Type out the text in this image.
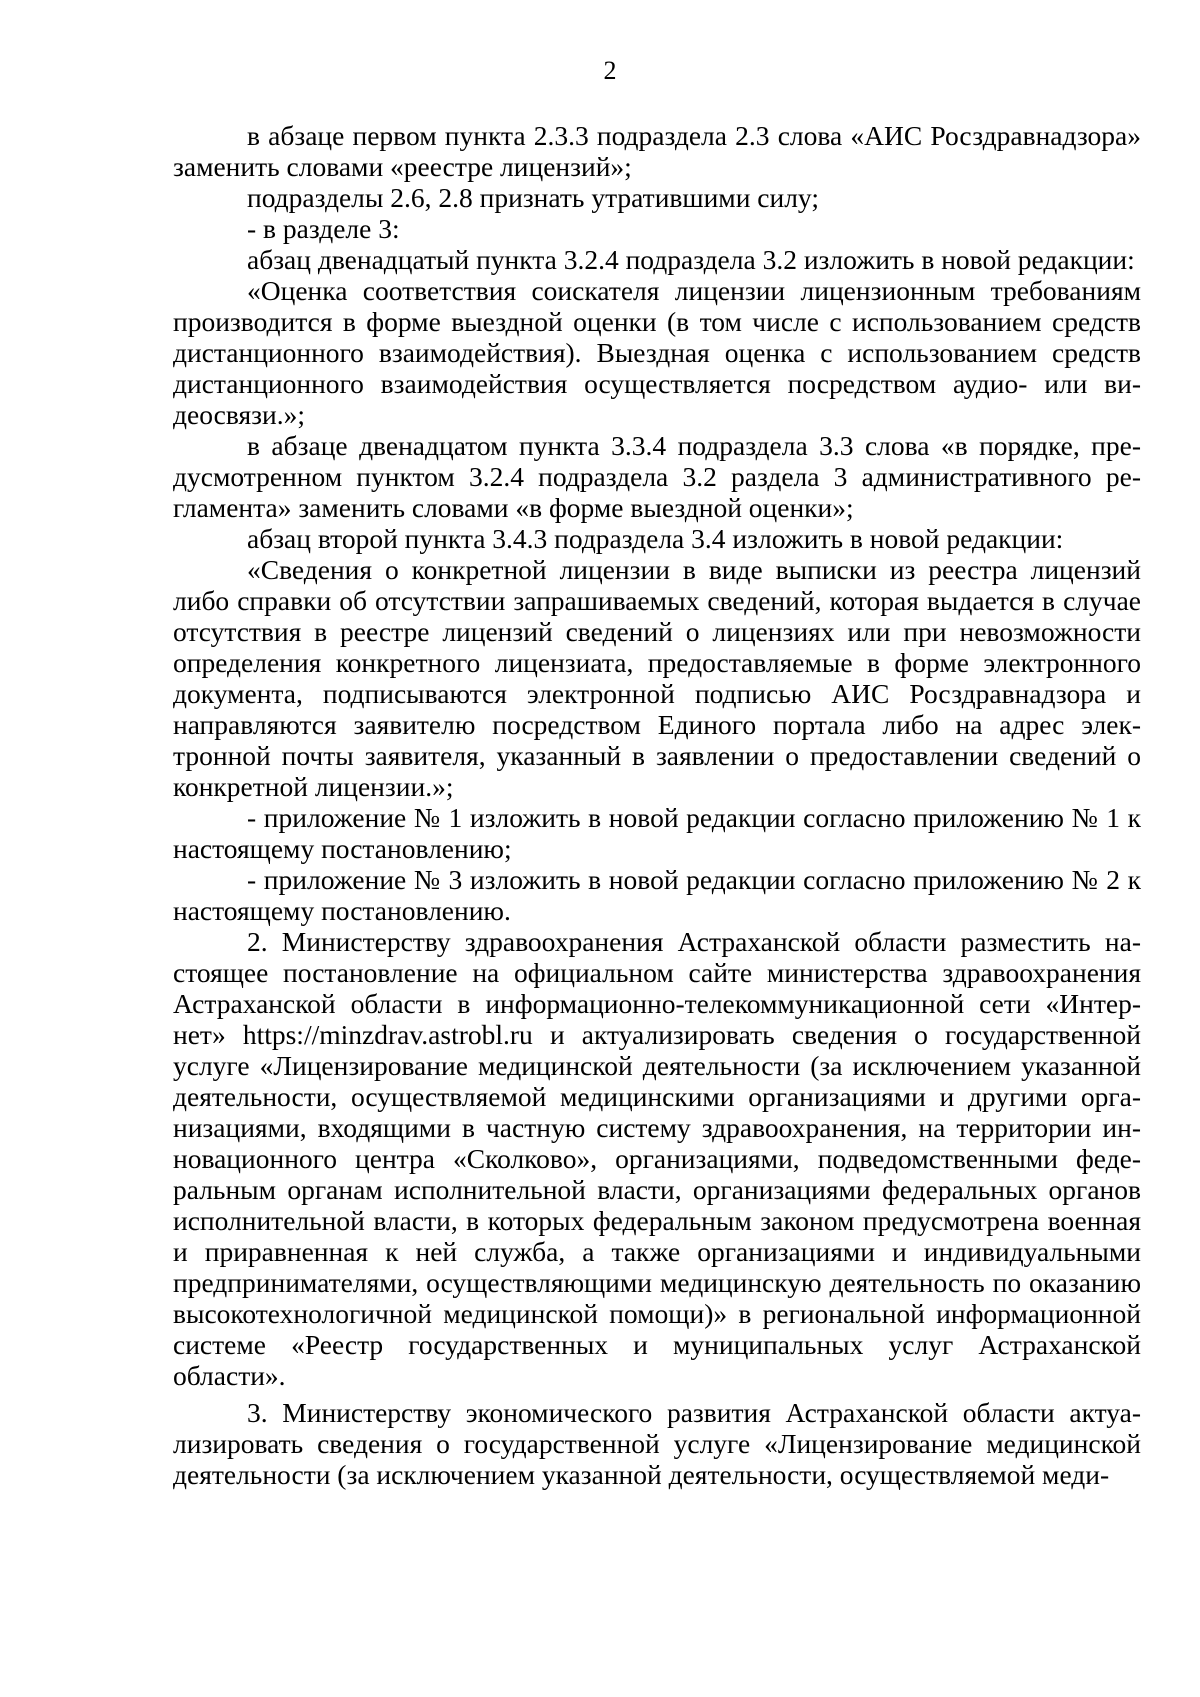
2

в абзаце первом пункта 2.3.3 подраздела 2.3 слова «АИС Росздравнадзора» заменить словами «реестре лицензий»;

подразделы 2.6, 2.8 признать утратившими силу;

- в разделе 3:

абзац двенадцатый пункта 3.2.4 подраздела 3.2 изложить в новой редакции:

«Оценка соответствия соискателя лицензии лицензионным требованиям производится в форме выездной оценки (в том числе с использованием средств дистанционного взаимодействия). Выездная оценка с использованием средств дистанционного взаимодействия осуществляется посредством аудио- или видеосвязи.»;

в абзаце двенадцатом пункта 3.3.4 подраздела 3.3 слова «в порядке, предусмотренном пунктом 3.2.4 подраздела 3.2 раздела 3 административного регламента» заменить словами «в форме выездной оценки»;

абзац второй пункта 3.4.3 подраздела 3.4 изложить в новой редакции:

«Сведения о конкретной лицензии в виде выписки из реестра лицензий либо справки об отсутствии запрашиваемых сведений, которая выдается в случае отсутствия в реестре лицензий сведений о лицензиях или при невозможности определения конкретного лицензиата, предоставляемые в форме электронного документа, подписываются электронной подписью АИС Росздравнадзора и направляются заявителю посредством Единого портала либо на адрес электронной почты заявителя, указанный в заявлении о предоставлении сведений о конкретной лицензии.»;

- приложение № 1 изложить в новой редакции согласно приложению № 1 к настоящему постановлению;

- приложение № 3 изложить в новой редакции согласно приложению № 2 к настоящему постановлению.

2. Министерству здравоохранения Астраханской области разместить настоящее постановление на официальном сайте министерства здравоохранения Астраханской области в информационно-телекоммуникационной сети «Интернет» https://minzdrav.astrobl.ru и актуализировать сведения о государственной услуге «Лицензирование медицинской деятельности (за исключением указанной деятельности, осуществляемой медицинскими организациями и другими организациями, входящими в частную систему здравоохранения, на территории инновационного центра «Сколково», организациями, подведомственными федеральным органам исполнительной власти, организациями федеральных органов исполнительной власти, в которых федеральным законом предусмотрена военная и приравненная к ней служба, а также организациями и индивидуальными предпринимателями, осуществляющими медицинскую деятельность по оказанию высокотехнологичной медицинской помощи)» в региональной информационной системе «Реестр государственных и муниципальных услуг Астраханской области».

3. Министерству экономического развития Астраханской области актуализировать сведения о государственной услуге «Лицензирование медицинской деятельности (за исключением указанной деятельности, осуществляемой меди-
